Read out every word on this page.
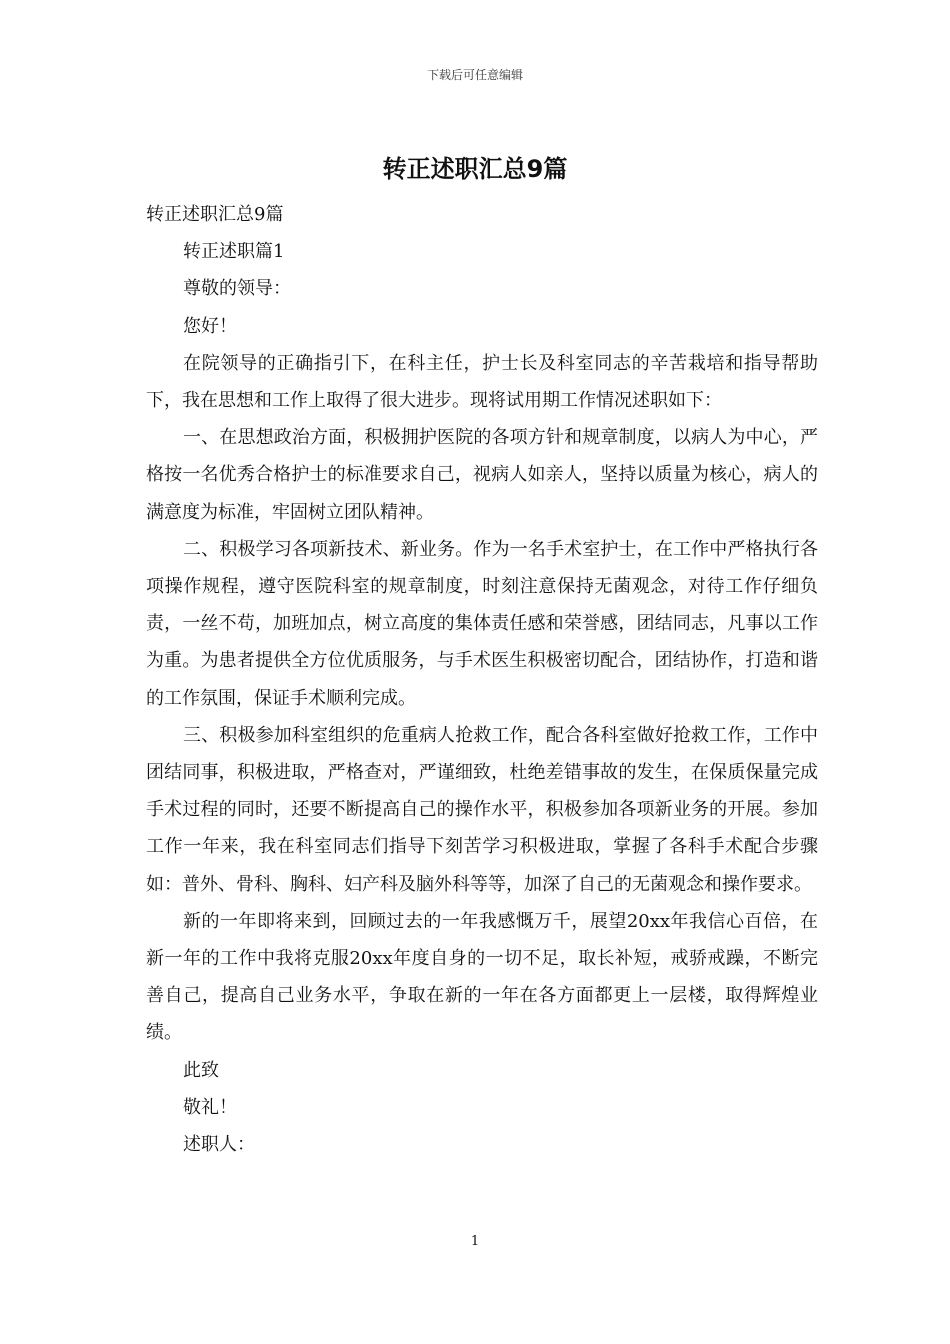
下载后可任意编辑
转正述职汇总9篇

转正述职汇总9篇

转正述职篇1

尊敬的领导：

您好！

在院领导的正确指引下，在科主任，护士长及科室同志的辛苦栽培和指导帮助下，我在思想和工作上取得了很大进步。现将试用期工作情况述职如下：

一、在思想政治方面，积极拥护医院的各项方针和规章制度，以病人为中心，严格按一名优秀合格护士的标准要求自己，视病人如亲人，坚持以质量为核心，病人的满意度为标准，牢固树立团队精神。

二、积极学习各项新技术、新业务。作为一名手术室护士，在工作中严格执行各项操作规程，遵守医院科室的规章制度，时刻注意保持无菌观念，对待工作仔细负责，一丝不苟，加班加点，树立高度的集体责任感和荣誉感，团结同志，凡事以工作为重。为患者提供全方位优质服务，与手术医生积极密切配合，团结协作，打造和谐的工作氛围，保证手术顺利完成。

三、积极参加科室组织的危重病人抢救工作，配合各科室做好抢救工作，工作中团结同事，积极进取，严格查对，严谨细致，杜绝差错事故的发生，在保质保量完成手术过程的同时，还要不断提高自己的操作水平，积极参加各项新业务的开展。参加工作一年来，我在科室同志们指导下刻苦学习积极进取，掌握了各科手术配合步骤如：普外、骨科、胸科、妇产科及脑外科等等，加深了自己的无菌观念和操作要求。

新的一年即将来到，回顾过去的一年我感慨万千，展望20xx年我信心百倍，在新一年的工作中我将克服20xx年度自身的一切不足，取长补短，戒骄戒躁，不断完善自己，提高自己业务水平，争取在新的一年在各方面都更上一层楼，取得辉煌业绩。

此致

敬礼！

述职人：

1
